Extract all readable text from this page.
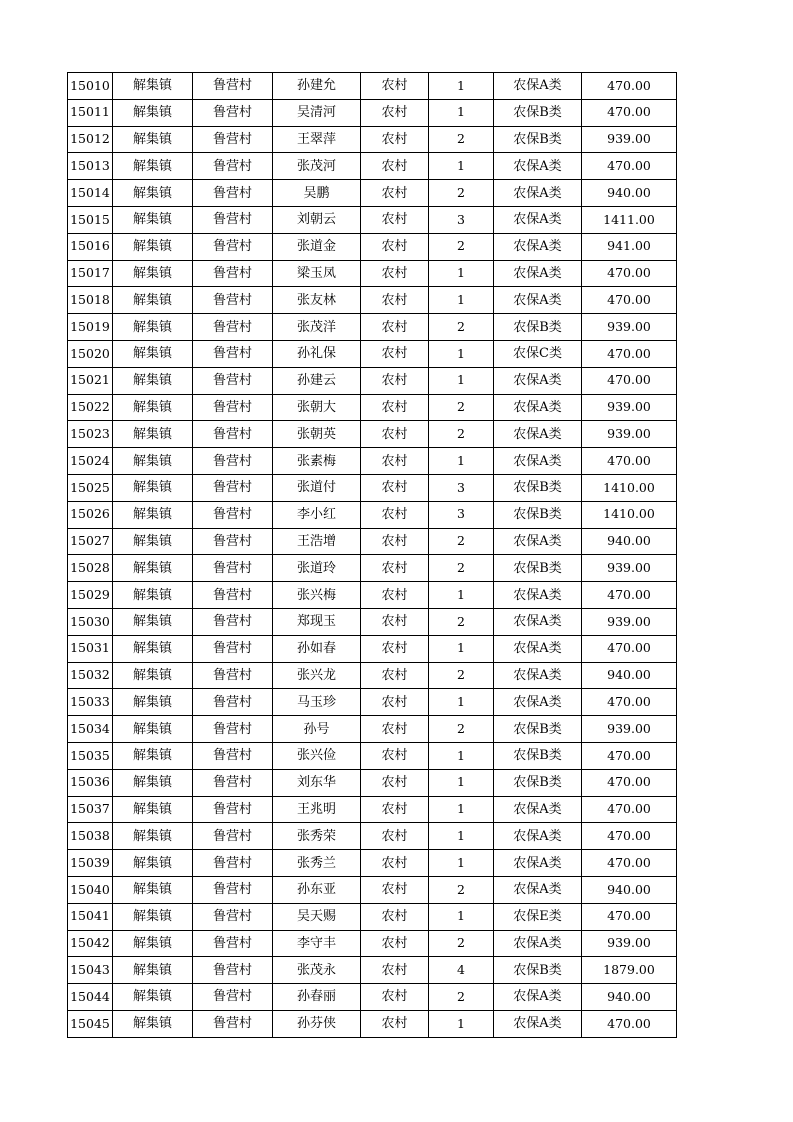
15010	解集镇	鲁营村	孙建允	农村	1	农保A类	470.00
15011	解集镇	鲁营村	吴清河	农村	1	农保B类	470.00
15012	解集镇	鲁营村	王翠萍	农村	2	农保B类	939.00
15013	解集镇	鲁营村	张茂河	农村	1	农保A类	470.00
15014	解集镇	鲁营村	吴鹏	农村	2	农保A类	940.00
15015	解集镇	鲁营村	刘朝云	农村	3	农保A类	1411.00
15016	解集镇	鲁营村	张道金	农村	2	农保A类	941.00
15017	解集镇	鲁营村	梁玉凤	农村	1	农保A类	470.00
15018	解集镇	鲁营村	张友林	农村	1	农保A类	470.00
15019	解集镇	鲁营村	张茂洋	农村	2	农保B类	939.00
15020	解集镇	鲁营村	孙礼保	农村	1	农保C类	470.00
15021	解集镇	鲁营村	孙建云	农村	1	农保A类	470.00
15022	解集镇	鲁营村	张朝大	农村	2	农保A类	939.00
15023	解集镇	鲁营村	张朝英	农村	2	农保A类	939.00
15024	解集镇	鲁营村	张素梅	农村	1	农保A类	470.00
15025	解集镇	鲁营村	张道付	农村	3	农保B类	1410.00
15026	解集镇	鲁营村	李小红	农村	3	农保B类	1410.00
15027	解集镇	鲁营村	王浩增	农村	2	农保A类	940.00
15028	解集镇	鲁营村	张道玲	农村	2	农保B类	939.00
15029	解集镇	鲁营村	张兴梅	农村	1	农保A类	470.00
15030	解集镇	鲁营村	郑现玉	农村	2	农保A类	939.00
15031	解集镇	鲁营村	孙如春	农村	1	农保A类	470.00
15032	解集镇	鲁营村	张兴龙	农村	2	农保A类	940.00
15033	解集镇	鲁营村	马玉珍	农村	1	农保A类	470.00
15034	解集镇	鲁营村	孙号	农村	2	农保B类	939.00
15035	解集镇	鲁营村	张兴俭	农村	1	农保B类	470.00
15036	解集镇	鲁营村	刘东华	农村	1	农保B类	470.00
15037	解集镇	鲁营村	王兆明	农村	1	农保A类	470.00
15038	解集镇	鲁营村	张秀荣	农村	1	农保A类	470.00
15039	解集镇	鲁营村	张秀兰	农村	1	农保A类	470.00
15040	解集镇	鲁营村	孙东亚	农村	2	农保A类	940.00
15041	解集镇	鲁营村	吴天赐	农村	1	农保E类	470.00
15042	解集镇	鲁营村	李守丰	农村	2	农保A类	939.00
15043	解集镇	鲁营村	张茂永	农村	4	农保B类	1879.00
15044	解集镇	鲁营村	孙春丽	农村	2	农保A类	940.00
15045	解集镇	鲁营村	孙芬侠	农村	1	农保A类	470.00
